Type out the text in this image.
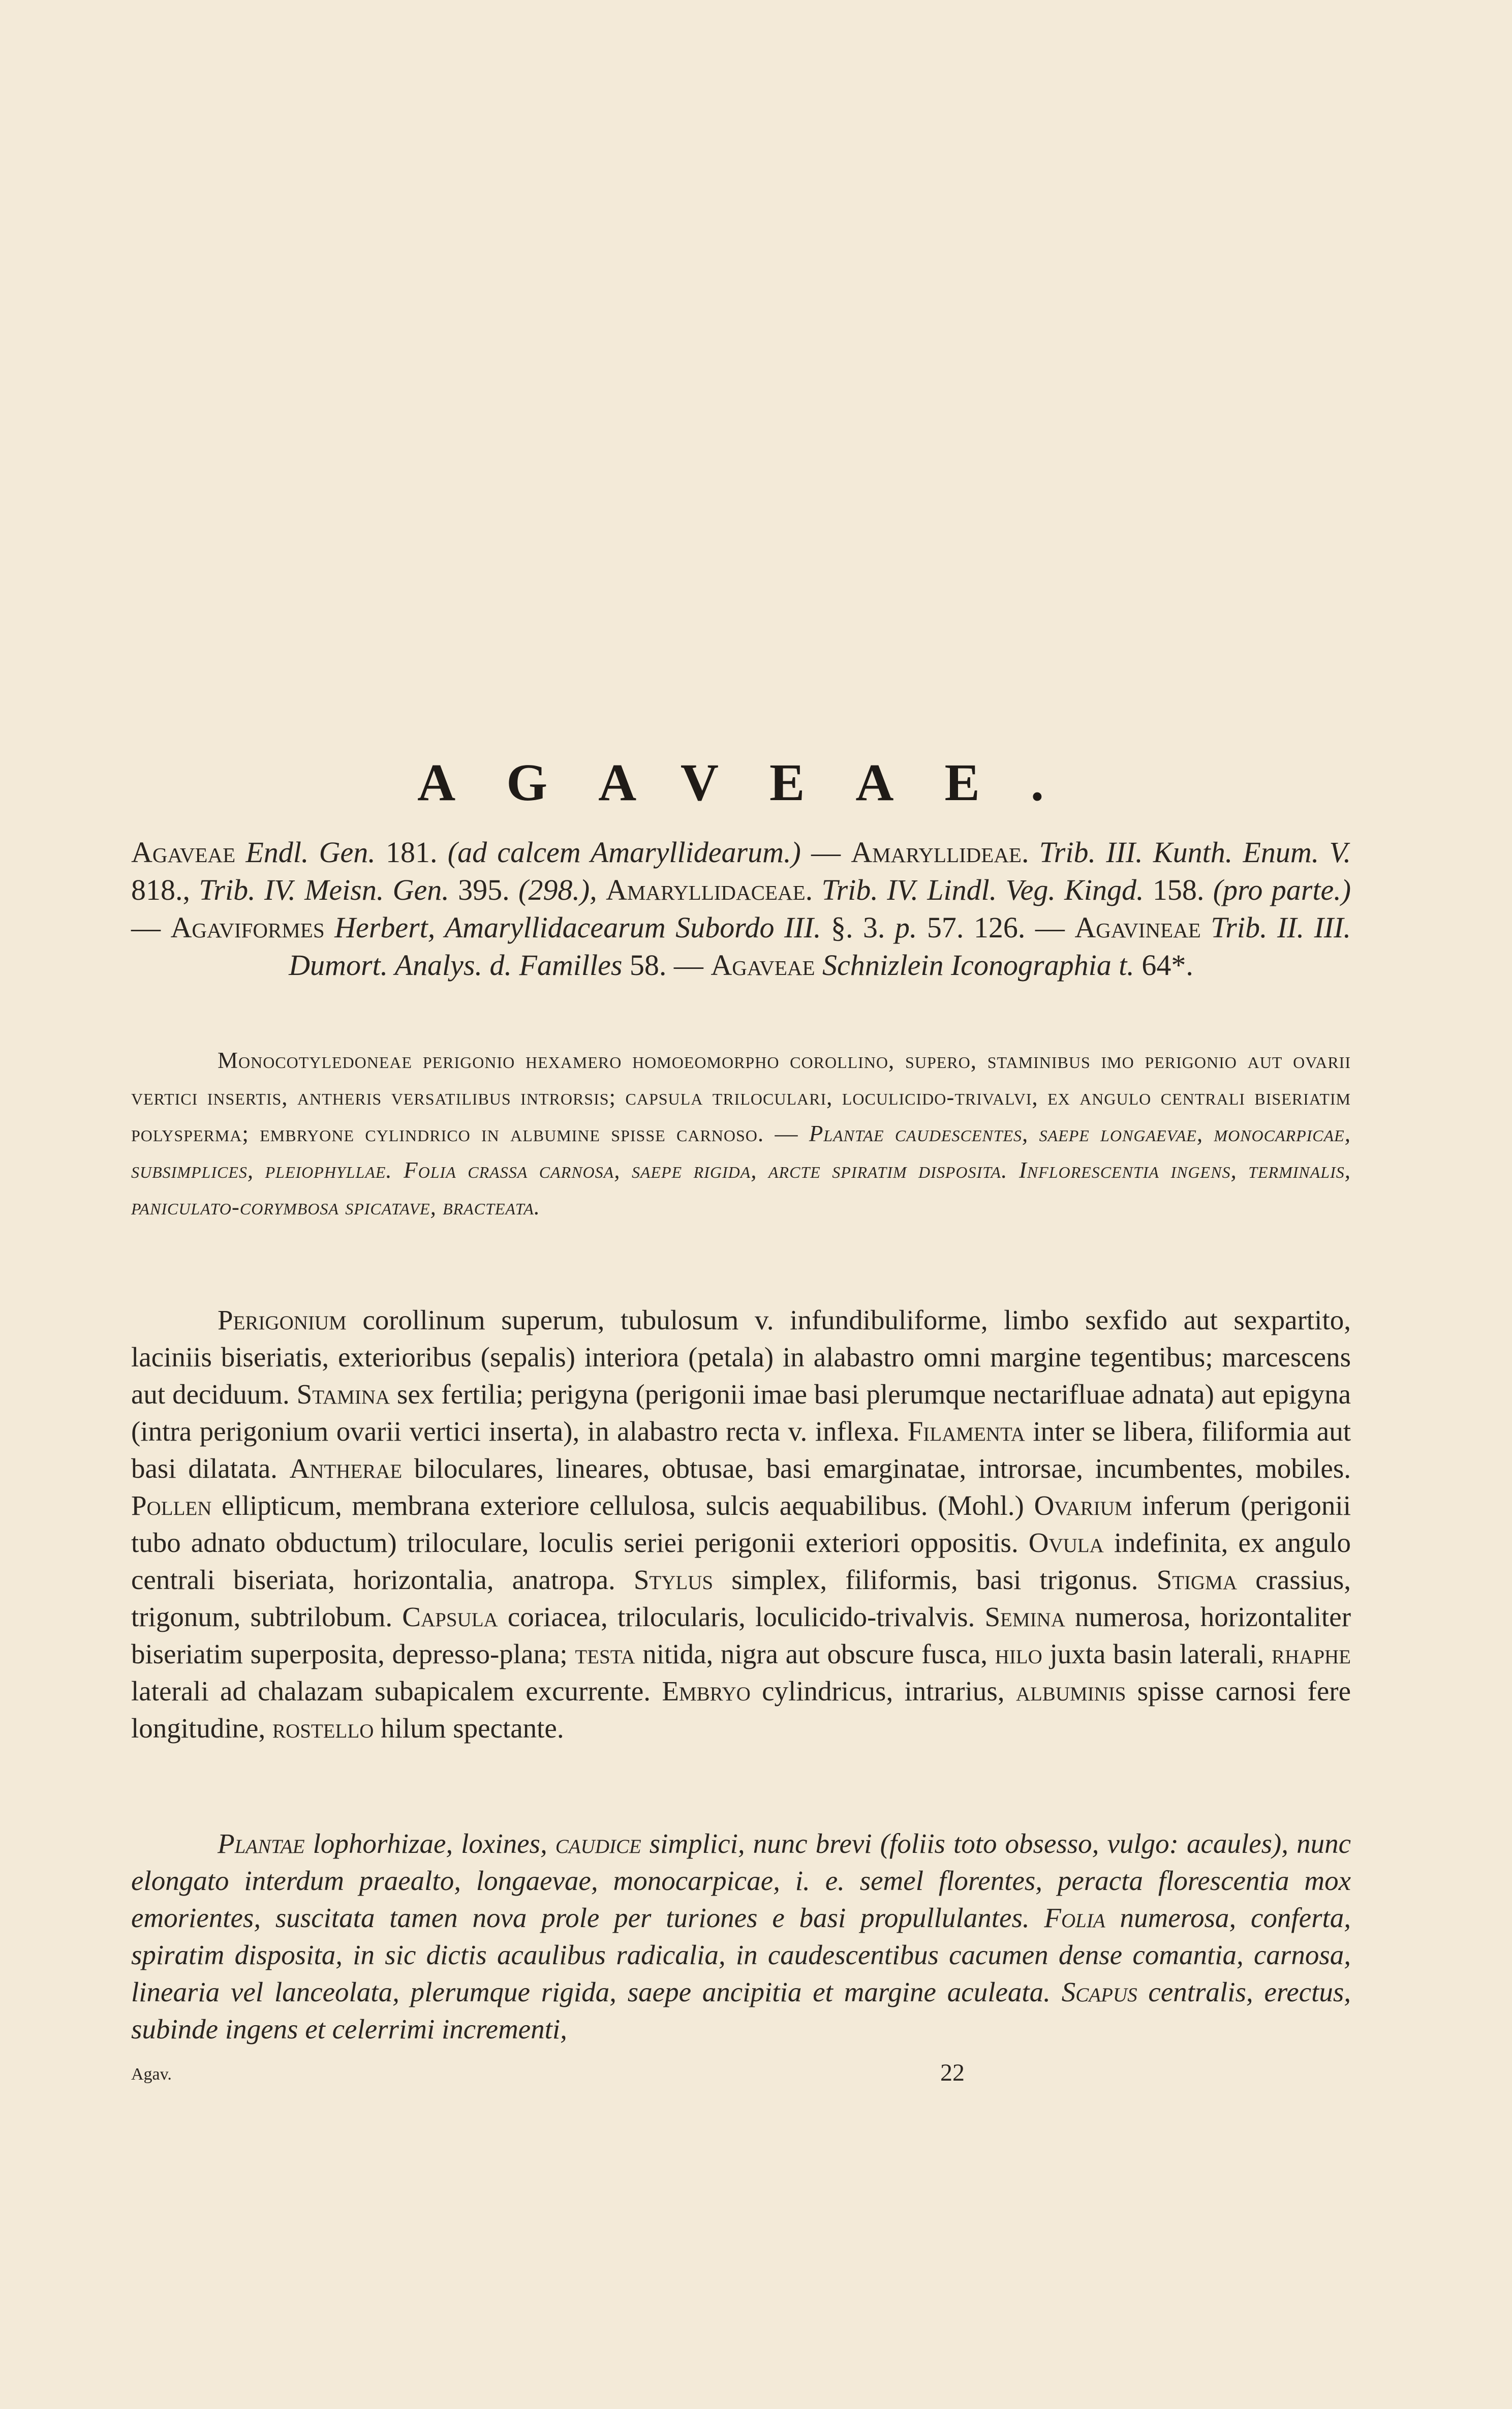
AGAVEAE.

Agaveae Endl. Gen. 181. (ad calcem Amaryllidearum.) — Amaryllideae. Trib. III. Kunth. Enum. V. 818., Trib. IV. Meisn. Gen. 395. (298.), Amaryllidaceae. Trib. IV. Lindl. Veg. Kingd. 158. (pro parte.) — Agaviformes Herbert, Amaryllidacearum Subordo III. §. 3. p. 57. 126. — Agavineae Trib. II. III. Dumort. Analys. d. Familles 58. — Agaveae Schnizlein Iconographia t. 64*.

Monocotyledoneae perigonio hexamero homoeomorpho corollino, supero, staminibus imo perigonio aut ovarii vertici insertis, antheris versatilibus introrsis; capsula triloculari, loculicido-trivalvi, ex angulo centrali biseriatim polysperma; embryone cylindrico in albumine spisse carnoso. — Plantae caudescentes, saepe longaevae, monocarpicae, subsimplices, pleiophyllae. Folia crassa carnosa, saepe rigida, arcte spiratim disposita. Inflorescentia ingens, terminalis, paniculato-corymbosa spicatave, bracteata.

Perigonium corollinum superum, tubulosum v. infundibuliforme, limbo sexfido aut sexpartito, laciniis biseriatis, exterioribus (sepalis) interiora (petala) in alabastro omni margine tegentibus; marcescens aut deciduum. Stamina sex fertilia; perigyna (perigonii imae basi plerumque nectarifluae adnata) aut epigyna (intra perigonium ovarii vertici inserta), in alabastro recta v. inflexa. Filamenta inter se libera, filiformia aut basi dilatata. Antherae biloculares, lineares, obtusae, basi emarginatae, introrsae, incumbentes, mobiles. Pollen ellipticum, membrana exteriore cellulosa, sulcis aequabilibus. (Mohl.) Ovarium inferum (perigonii tubo adnato obductum) triloculare, loculis seriei perigonii exteriori oppositis. Ovula indefinita, ex angulo centrali biseriata, horizontalia, anatropa. Stylus simplex, filiformis, basi trigonus. Stigma crassius, trigonum, subtrilobum. Capsula coriacea, trilocularis, loculicido-trivalvis. Semina numerosa, horizontaliter biseriatim superposita, depresso-plana; testa nitida, nigra aut obscure fusca, hilo juxta basin laterali, rhaphe laterali ad chalazam subapicalem excurrente. Embryo cylindricus, intrarius, albuminis spisse carnosi fere longitudine, rostello hilum spectante.

Plantae lophorhizae, loxines, caudice simplici, nunc brevi (foliis toto obsesso, vulgo: acaules), nunc elongato interdum praealto, longaevae, monocarpicae, i. e. semel florentes, peracta florescentia mox emorientes, suscitata tamen nova prole per turiones e basi propullulantes. Folia numerosa, conferta, spiratim disposita, in sic dictis acaulibus radicalia, in caudescentibus cacumen dense comantia, carnosa, linearia vel lanceolata, plerumque rigida, saepe ancipitia et margine aculeata. Scapus centralis, erectus, subinde ingens et celerrimi incrementi,

Agav.	22
